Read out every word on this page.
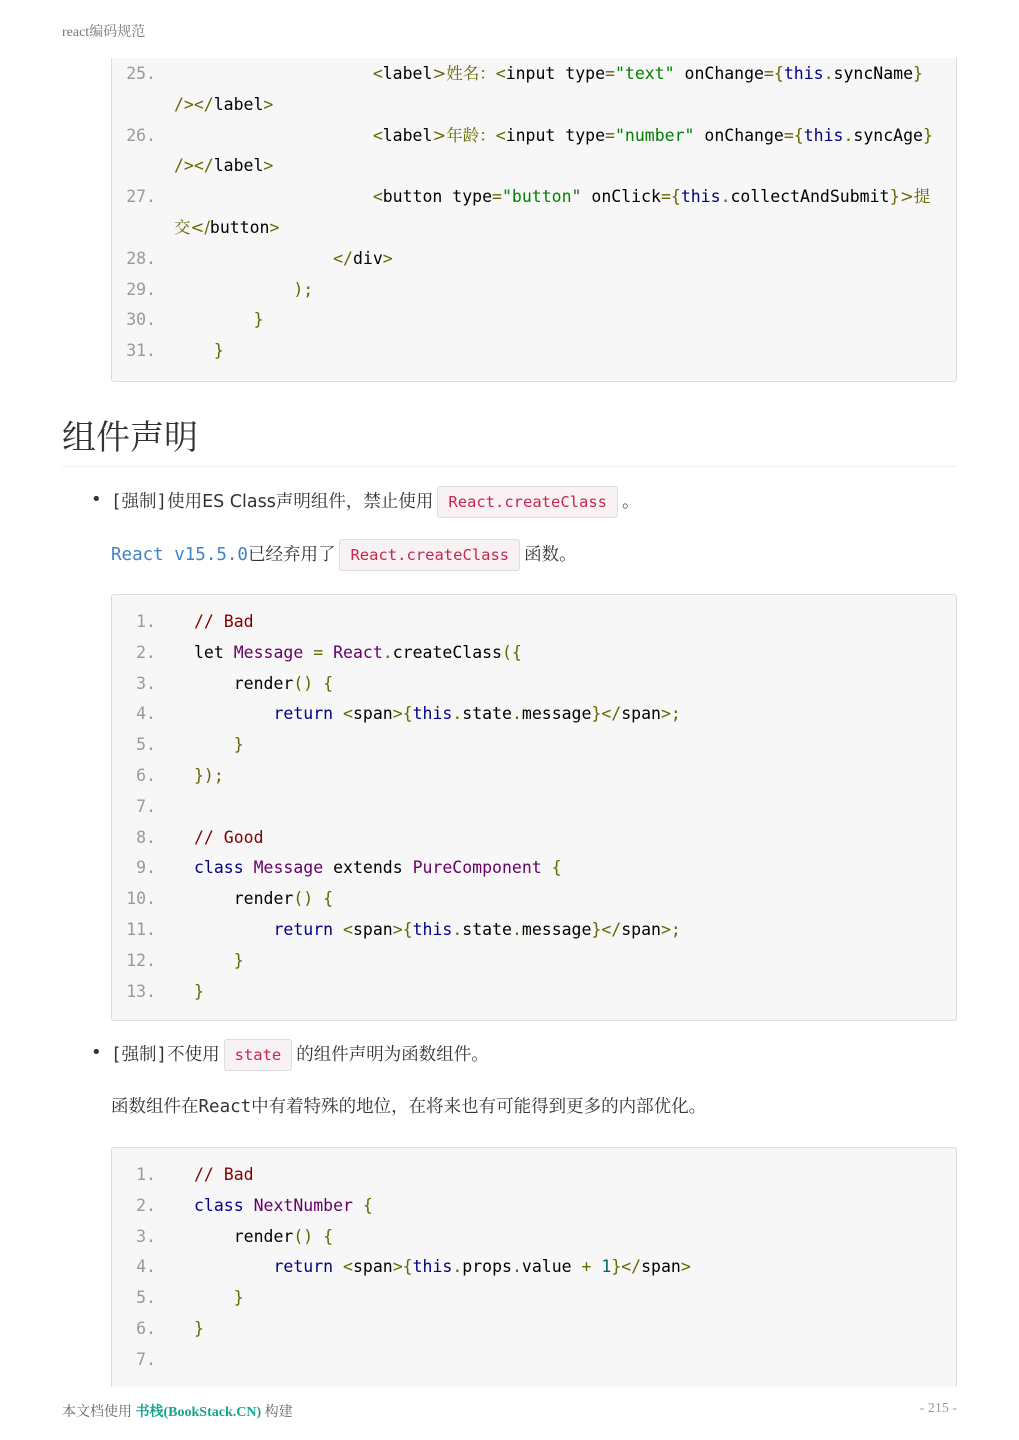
react编码规范
25.	<label>姓名：<input type="text" onChange={this.syncName}
/></label>
26.	<label>年龄：<input type="number" onChange={this.syncAge}
/></label>
27.	<button type="button" onClick={this.collectAndSubmit}>提
交</button>
28.	</div>
29.	);
30.	}
31.	}
组件声明
• [强制]使用ES Class声明组件，禁止使用 React.createClass 。
React v15.5.0已经弃用了 React.createClass 函数。
1. // Bad
2. let Message = React.createClass({
3. render() {
4.	return <span>{this.state.message}</span>;
5.	}
6. });
7.
8. // Good
9. class Message extends PureComponent {
10. render() {
11.	return <span>{this.state.message}</span>;
12.	}
13. }
• [强制]不使用 state 的组件声明为函数组件。
函数组件在React中有着特殊的地位，在将来也有可能得到更多的内部优化。
1. // Bad
2. class NextNumber {
3. render() {
4.	return <span>{this.props.value + 1}</span>
5.	}
6. }
7.
本文档使用 书栈(BookStack.CN) 构建	- 215 -
